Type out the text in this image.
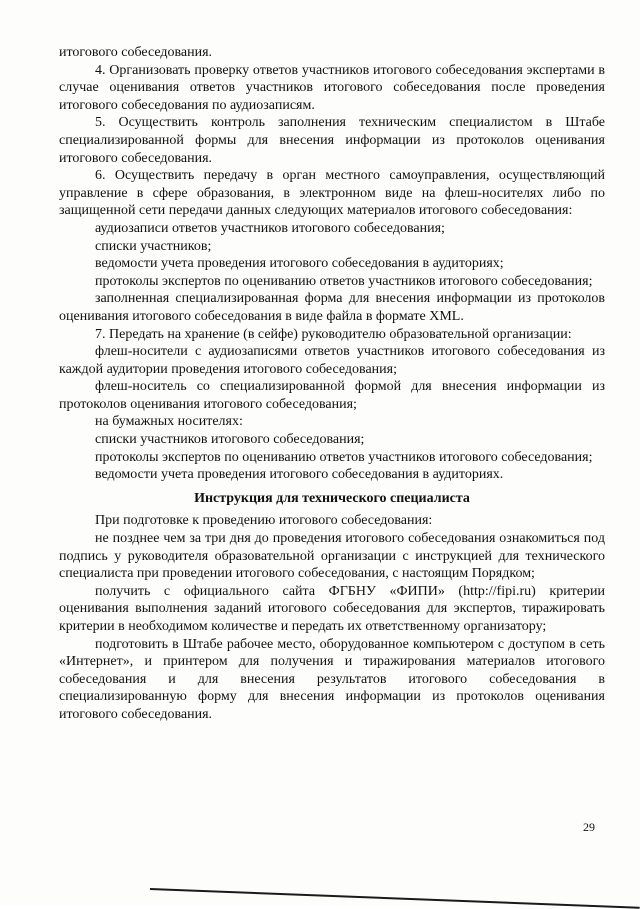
итогового собеседования.

4. Организовать проверку ответов участников итогового собеседования экспертами в случае оценивания ответов участников итогового собеседования после проведения итогового собеседования по аудиозаписям.

5. Осуществить контроль заполнения техническим специалистом в Штабе специализированной формы для внесения информации из протоколов оценивания итогового собеседования.

6. Осуществить передачу в орган местного самоуправления, осуществляющий управление в сфере образования, в электронном виде на флеш-носителях либо по защищенной сети передачи данных следующих материалов итогового собеседования:

аудиозаписи ответов участников итогового собеседования;

списки участников;

ведомости учета проведения итогового собеседования в аудиториях;

протоколы экспертов по оцениванию ответов участников итогового собеседования;

заполненная специализированная форма для внесения информации из протоколов оценивания итогового собеседования в виде файла в формате XML.

7. Передать на хранение (в сейфе) руководителю образовательной организации:

флеш-носители с аудиозаписями ответов участников итогового собеседования из каждой аудитории проведения итогового собеседования;

флеш-носитель со специализированной формой для внесения информации из протоколов оценивания итогового собеседования;

на бумажных носителях:

списки участников итогового собеседования;

протоколы экспертов по оцениванию ответов участников итогового собеседования;

ведомости учета проведения итогового собеседования в аудиториях.

Инструкция для технического специалиста

При подготовке к проведению итогового собеседования:

не позднее чем за три дня до проведения итогового собеседования ознакомиться под подпись у руководителя образовательной организации с инструкцией для технического специалиста при проведении итогового собеседования, с настоящим Порядком;

получить с официального сайта ФГБНУ «ФИПИ» (http://fipi.ru) критерии оценивания выполнения заданий итогового собеседования для экспертов, тиражировать критерии в необходимом количестве и передать их ответственному организатору;

подготовить в Штабе рабочее место, оборудованное компьютером с доступом в сеть «Интернет», и принтером для получения и тиражирования материалов итогового собеседования и для внесения результатов итогового собеседования в специализированную форму для внесения информации из протоколов оценивания итогового собеседования.

29
